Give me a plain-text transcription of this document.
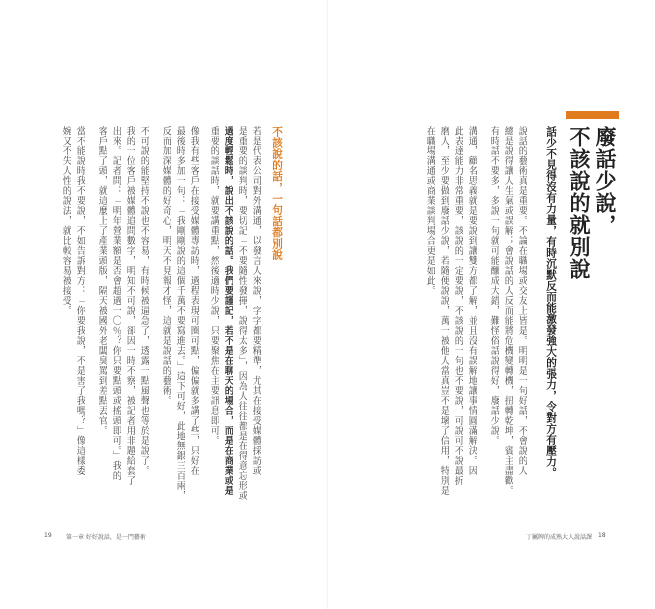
廢話少說，
不該說的就別說
話少不見得沒有力量，有時沉默反而能激發強大的張力，令對方有壓力。
說話的藝術真是重要。不論在職場或交友上皆是。明明是一句好話，不會說的人
總是說得讓人生氣或誤解；會說話的人反而能將危機變轉機，扭轉乾坤，賓主盡歡。
有時話不要多，多說一句就可能釀成大錯，難怪俗話說得好，廢話少說。
溝通，顧名思義就是要說到讓雙方都了解，並且沒有誤解地讓事情圓滿解決。因
此表達能力非常重要，該說的一定要說，不該說的一句也不要說，可說可不說最折
磨人，至少要做到廢話少說，若隨便說說，萬一被他人當真豈不是壞了信用，特別是
在職場溝通或商業談判場合更是如此。
不該說的話，一句話都別說
若是代表公司對外溝通，以發言人來說，字字都要精準，尤其在接受媒體採訪或
是重要的談判時，要切記「不要隨性發揮，說得太多」，因為人往往都是在得意忘形或
過度輕鬆時，說出不該說的話。我們要謹記，若不是在聊天的場合，而是在商業或是
重要的談話時，就要講重點，然後適時少說，只要聚焦在主要訊息即可。
像我有些客戶在接受媒體專訪時，過程表現可圈可點，偏偏就多講了些，只好在
最後時多加一句：「我剛剛說的這個千萬不要寫進去。」這下可好，此地無銀三百兩，
反而加深媒體的好奇心，明天不見報才怪，這就是說話的藝術。
不可說的能堅持不說也不容易，有時候被逼急了，透露一點風聲也等於是說了。
我的一位客戶被媒體追問數字，明知不可說，卻因一時不察，被記者用非題給套了
出來。記者問：「明年營業額是否會超過一〇％？你只要點頭或搖頭即可。」我的
客戶點了頭，就這麼上了產業頭版，隔天被國外老闆臭罵到差點丟官。
當不能說時我不要說，不如告訴對方：「你要我說，不是害了我嗎？」像這樣委
婉又不失人性的說法，就比較容易被接受。
19 第一章 好好說話，是一門藝術	丁屬牌的成熟大人說話課 18
